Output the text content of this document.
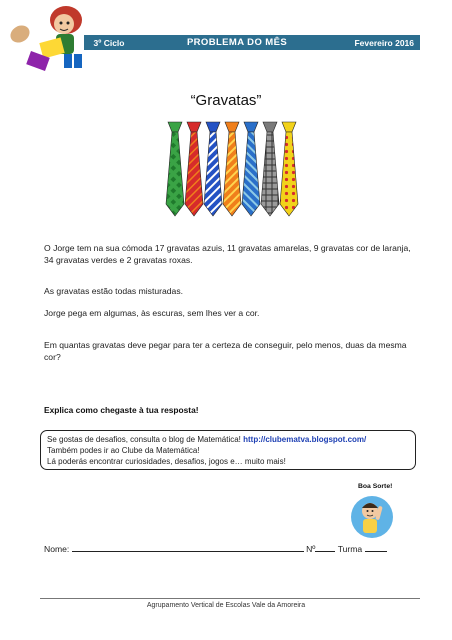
3º Ciclo	PROBLEMA DO MÊS	Fevereiro 2016
“Gravatas”
O Jorge tem na sua cómoda 17 gravatas azuis, 11 gravatas amarelas, 9 gravatas cor de laranja, 34 gravatas verdes e 2 gravatas roxas.
As gravatas estão todas misturadas.
Jorge pega em algumas, às escuras, sem lhes ver a cor.
Em quantas gravatas deve pegar para ter a certeza de conseguir, pelo menos, duas da mesma cor?
Explica como chegaste à tua resposta!
Se gostas de desafios, consulta o blog de Matemática! http://clubematva.blogspot.com/
Também podes ir ao Clube da Matemática!
Lá poderás encontrar curiosidades, desafios, jogos e… muito mais!
Boa Sorte!
Nome:	Nº	Turma
Agrupamento Vertical de Escolas Vale da Amoreira
